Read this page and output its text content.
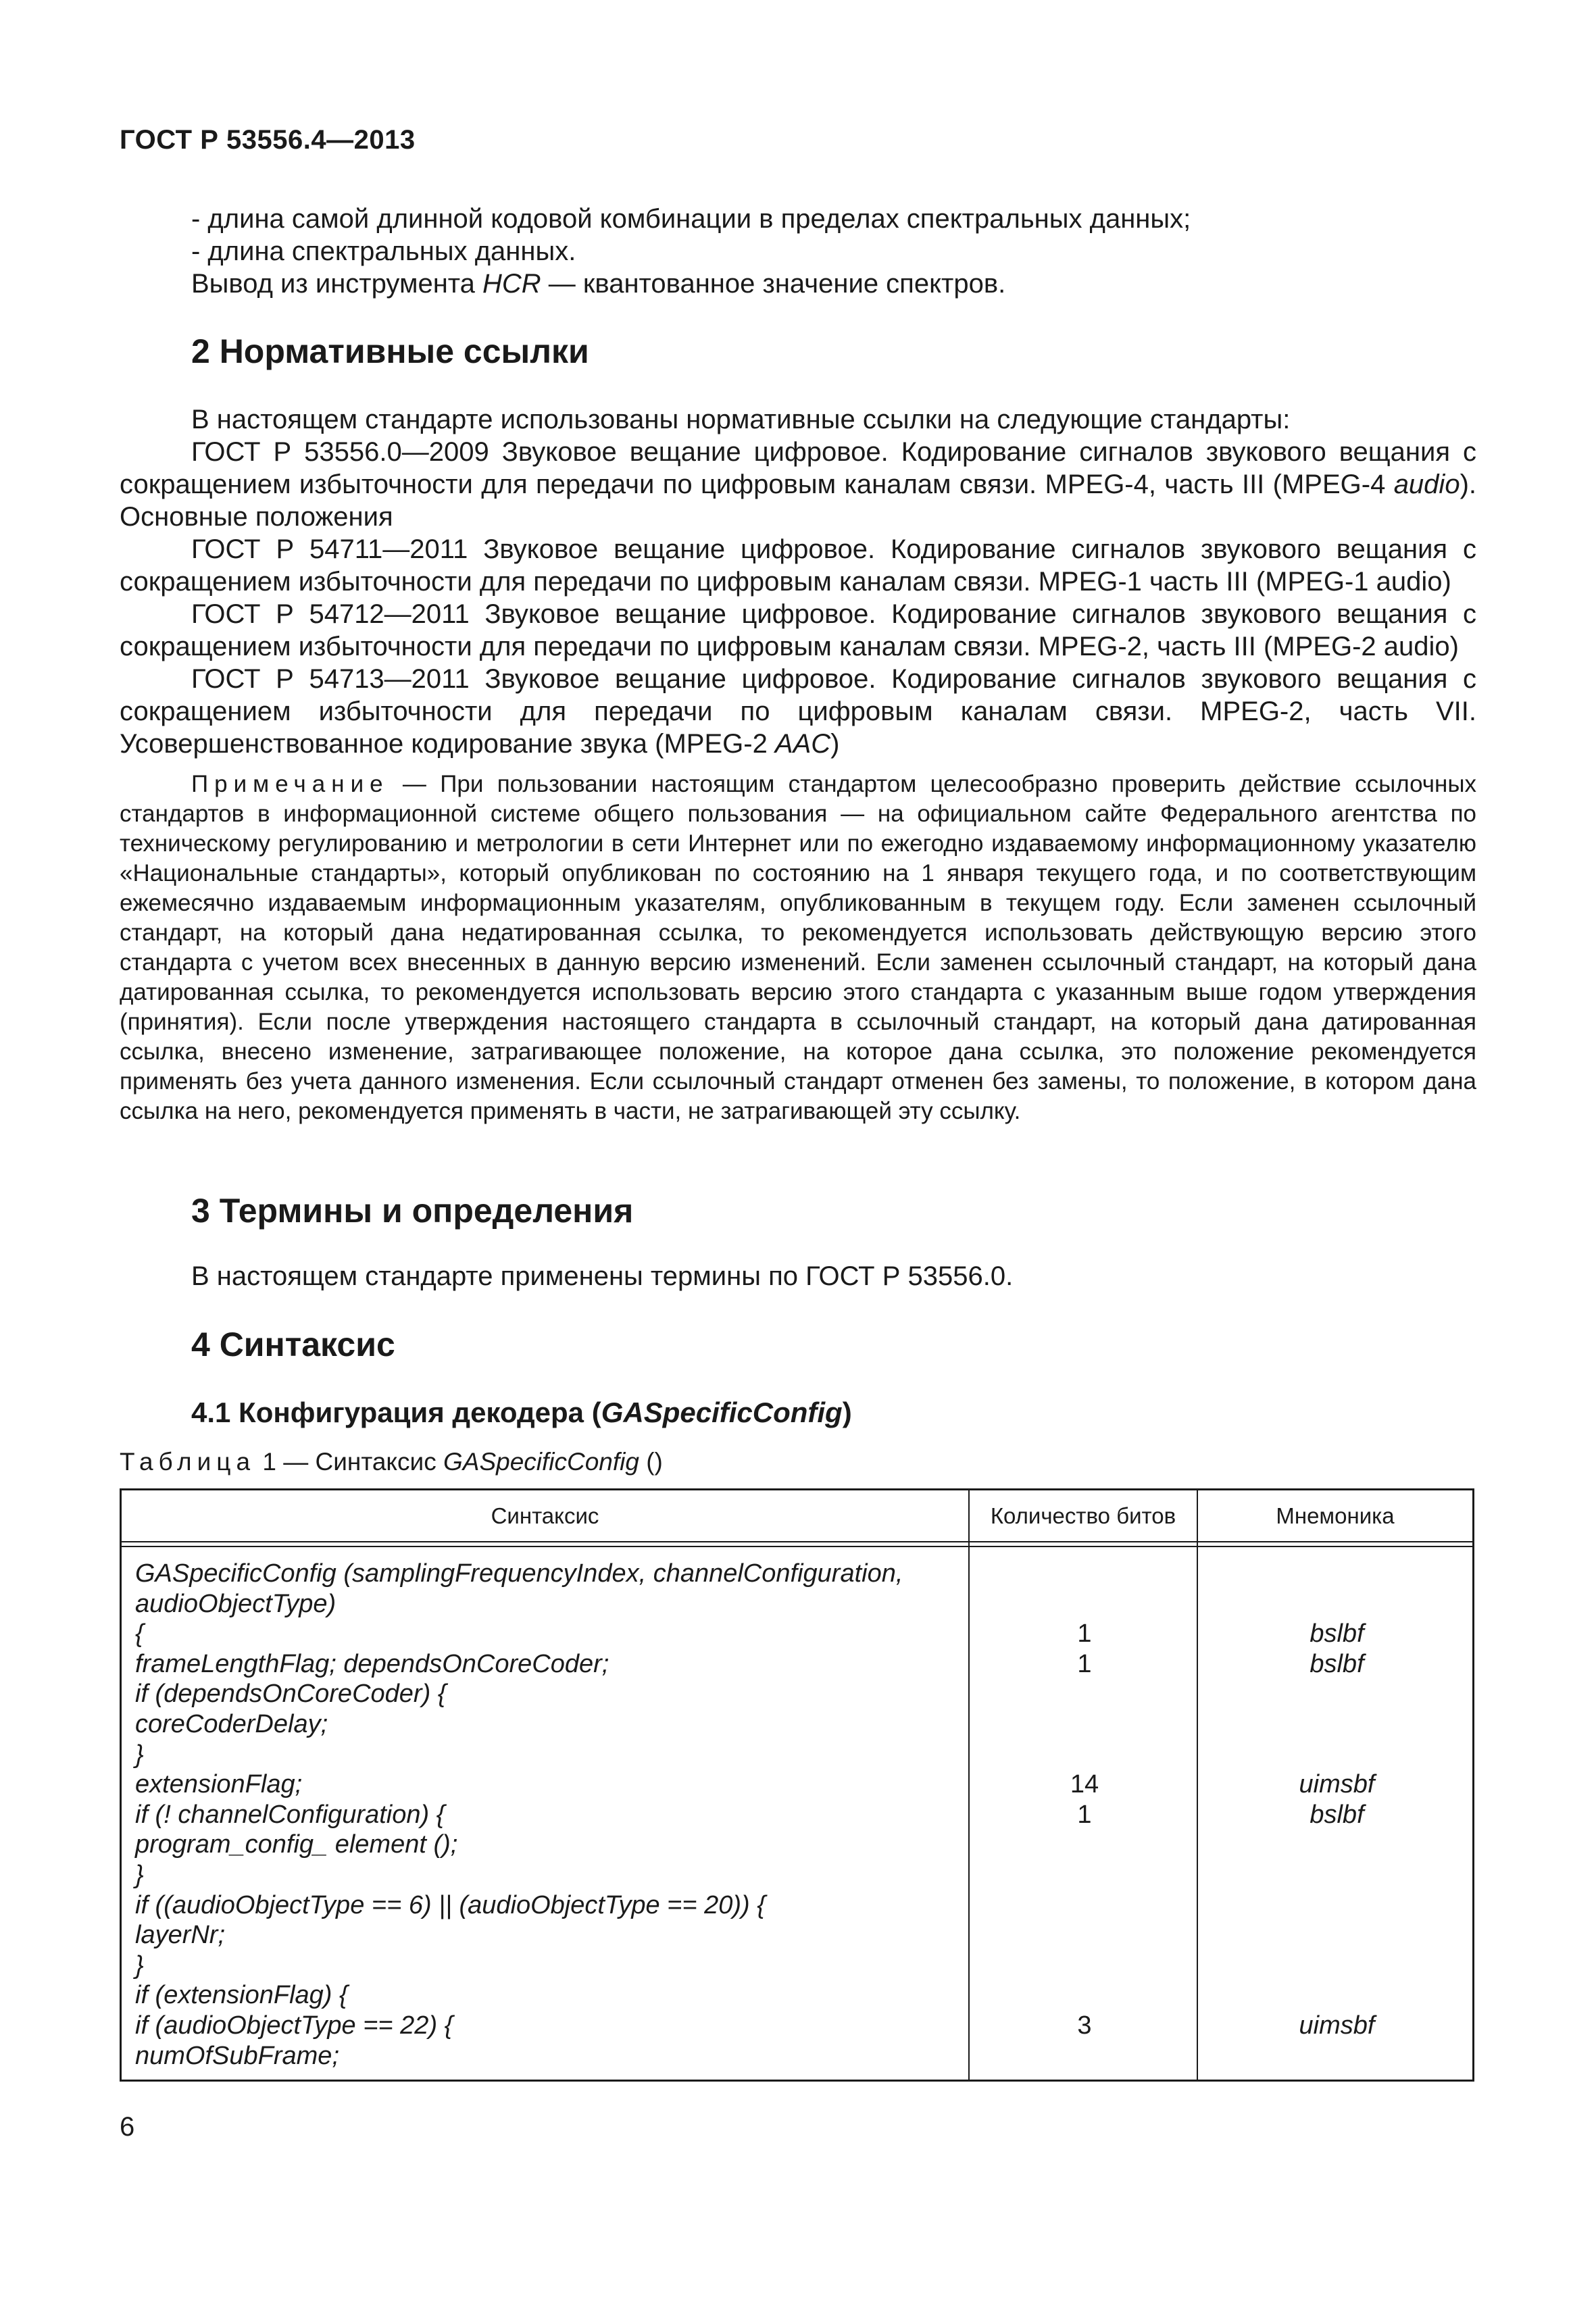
ГОСТ Р 53556.4—2013

- длина самой длинной кодовой комбинации в пределах спектральных данных;

- длина спектральных данных.

Вывод из инструмента HCR — квантованное значение спектров.

2 Нормативные ссылки

В настоящем стандарте использованы нормативные ссылки на следующие стандарты:

ГОСТ Р 53556.0—2009 Звуковое вещание цифровое. Кодирование сигналов звукового вещания с сокращением избыточности для передачи по цифровым каналам связи. MPEG-4, часть III (MPEG-4 audio). Основные положения

ГОСТ Р 54711—2011 Звуковое вещание цифровое. Кодирование сигналов звукового вещания с сокращением избыточности для передачи по цифровым каналам связи. MPEG-1 часть III (MPEG-1 audio)

ГОСТ Р 54712—2011 Звуковое вещание цифровое. Кодирование сигналов звукового вещания с сокращением избыточности для передачи по цифровым каналам связи. MPEG-2, часть III (MPEG-2 audio)

ГОСТ Р 54713—2011 Звуковое вещание цифровое. Кодирование сигналов звукового вещания с сокращением избыточности для передачи по цифровым каналам связи. MPEG-2, часть VII. Усовершенствованное кодирование звука (MPEG-2 AAC)

Примечание — При пользовании настоящим стандартом целесообразно проверить действие ссылочных стандартов в информационной системе общего пользования — на официальном сайте Федерального агентства по техническому регулированию и метрологии в сети Интернет или по ежегодно издаваемому информационному указателю «Национальные стандарты», который опубликован по состоянию на 1 января текущего года, и по соответствующим ежемесячно издаваемым информационным указателям, опубликованным в текущем году. Если заменен ссылочный стандарт, на который дана недатированная ссылка, то рекомендуется использовать действующую версию этого стандарта с учетом всех внесенных в данную версию изменений. Если заменен ссылочный стандарт, на который дана датированная ссылка, то рекомендуется использовать версию этого стандарта с указанным выше годом утверждения (принятия). Если после утверждения настоящего стандарта в ссылочный стандарт, на который дана датированная ссылка, внесено изменение, затрагивающее положение, на которое дана ссылка, это положение рекомендуется применять без учета данного изменения. Если ссылочный стандарт отменен без замены, то положение, в котором дана ссылка на него, рекомендуется применять в части, не затрагивающей эту ссылку.

3 Термины и определения

В настоящем стандарте применены термины по ГОСТ Р 53556.0.

4 Синтаксис
4.1 Конфигурация декодера (GASpecificConfig)

Таблица 1 — Синтаксис GASpecificConfig ()

Синтаксис	Количество битов	Мнемоника
GASpecificConfig (samplingFrequencyIndex, channelConfiguration,
audioObjectType)
{	1	bslbf
frameLengthFlag; dependsOnCoreCoder;	1	bslbf
if (dependsOnCoreCoder) {
coreCoderDelay;
}
extensionFlag;	14	uimsbf
if (! channelConfiguration) {	1	bslbf
program_config_ element ();
}
if ((audioObjectType == 6) || (audioObjectType == 20)) {
layerNr;
}
if (extensionFlag) {
if (audioObjectType == 22) {	3	uimsbf
numOfSubFrame;
6
